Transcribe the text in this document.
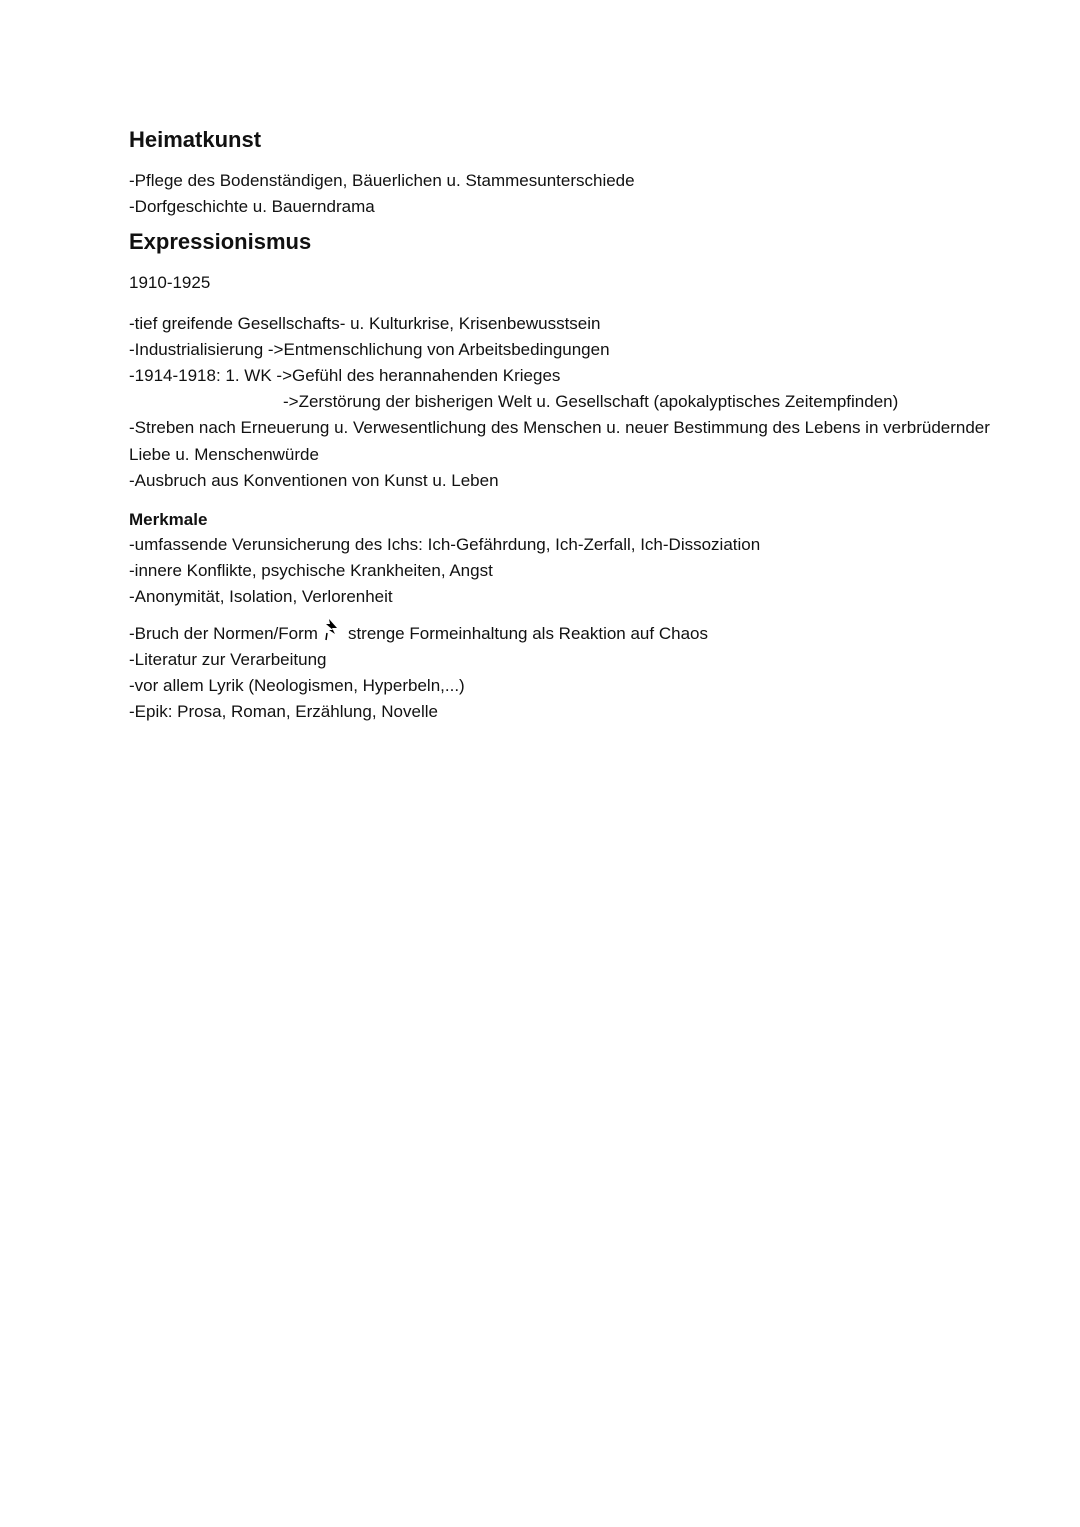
Heimatkunst

-Pflege des Bodenständigen, Bäuerlichen u. Stammesunterschiede

-Dorfgeschichte u. Bauerndrama

Expressionismus

1910-1925

-tief greifende Gesellschafts- u. Kulturkrise, Krisenbewusstsein

-Industrialisierung ->Entmenschlichung von Arbeitsbedingungen

-1914-1918: 1. WK ->Gefühl des herannahenden Krieges

->Zerstörung der bisherigen Welt u. Gesellschaft (apokalyptisches Zeitempfinden)

-Streben nach Erneuerung u. Verwesentlichung des Menschen u. neuer Bestimmung des Lebens in verbrüdernder Liebe u. Menschenwürde

-Ausbruch aus Konventionen von Kunst u. Leben

Merkmale

-umfassende Verunsicherung des Ichs: Ich-Gefährdung, Ich-Zerfall, Ich-Dissoziation

-innere Konflikte, psychische Krankheiten, Angst

-Anonymität, Isolation, Verlorenheit

-Bruch der Normen/Form strenge Formeinhaltung als Reaktion auf Chaos

-Literatur zur Verarbeitung

-vor allem Lyrik (Neologismen, Hyperbeln,...)

-Epik: Prosa, Roman, Erzählung, Novelle
